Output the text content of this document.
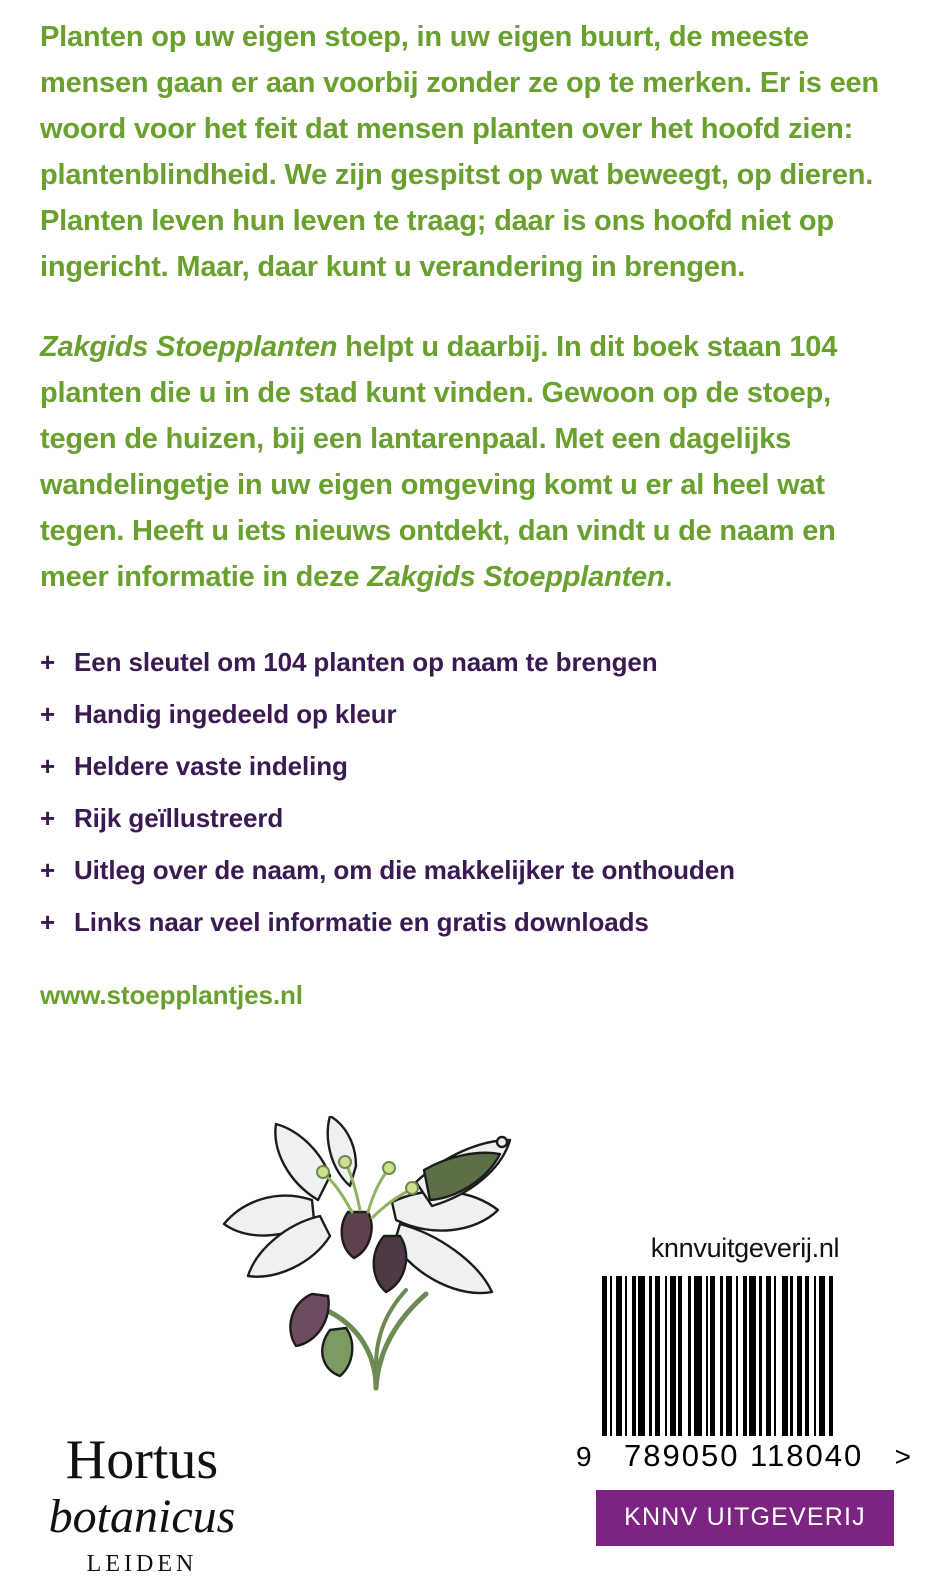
Planten op uw eigen stoep, in uw eigen buurt, de meeste mensen gaan er aan voorbij zonder ze op te merken. Er is een woord voor het feit dat mensen planten over het hoofd zien: plantenblindheid. We zijn gespitst op wat beweegt, op dieren. Planten leven hun leven te traag; daar is ons hoofd niet op ingericht. Maar, daar kunt u verandering in brengen.

Zakgids Stoepplanten helpt u daarbij. In dit boek staan 104 planten die u in de stad kunt vinden. Gewoon op de stoep, tegen de huizen, bij een lantarenpaal. Met een dagelijks wandelingetje in uw eigen omgeving komt u er al heel wat tegen. Heeft u iets nieuws ontdekt, dan vindt u de naam en meer informatie in deze Zakgids Stoepplanten.

+ Een sleutel om 104 planten op naam te brengen
+ Handig ingedeeld op kleur
+ Heldere vaste indeling
+ Rijk geïllustreerd
+ Uitleg over de naam, om die makkelijker te onthouden
+ Links naar veel informatie en gratis downloads
www.stoepplantjes.nl
Hortus
botanicus
LEIDEN
knnvuitgeverij.nl
9 789050 118040 >
KNNV UITGEVERIJ
